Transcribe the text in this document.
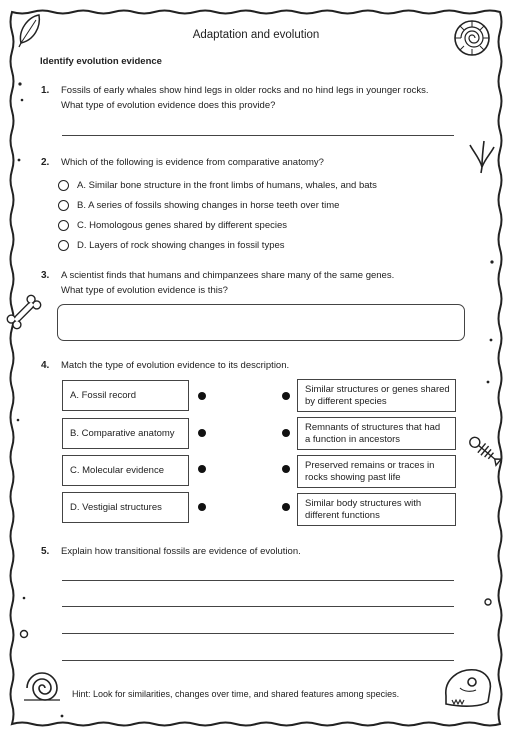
Adaptation and evolution
Identify evolution evidence
1. Fossils of early whales show hind legs in older rocks and no hind legs in younger rocks.
What type of evolution evidence does this provide?
2. Which of the following is evidence from comparative anatomy?
A. Similar bone structure in the front limbs of humans, whales, and bats
B. A series of fossils showing changes in horse teeth over time
C. Homologous genes shared by different species
D. Layers of rock showing changes in fossil types
3. A scientist finds that humans and chimpanzees share many of the same genes.
What type of evolution evidence is this?
4. Match the type of evolution evidence to its description.
A. Fossil record
B. Comparative anatomy
C. Molecular evidence
D. Vestigial structures
Similar structures or genes shared
by different species
Remnants of structures that had
a function in ancestors
Preserved remains or traces in
rocks showing past life
Similar body structures with
different functions
5. Explain how transitional fossils are evidence of evolution.
Hint: Look for similarities, changes over time, and shared features among species.
